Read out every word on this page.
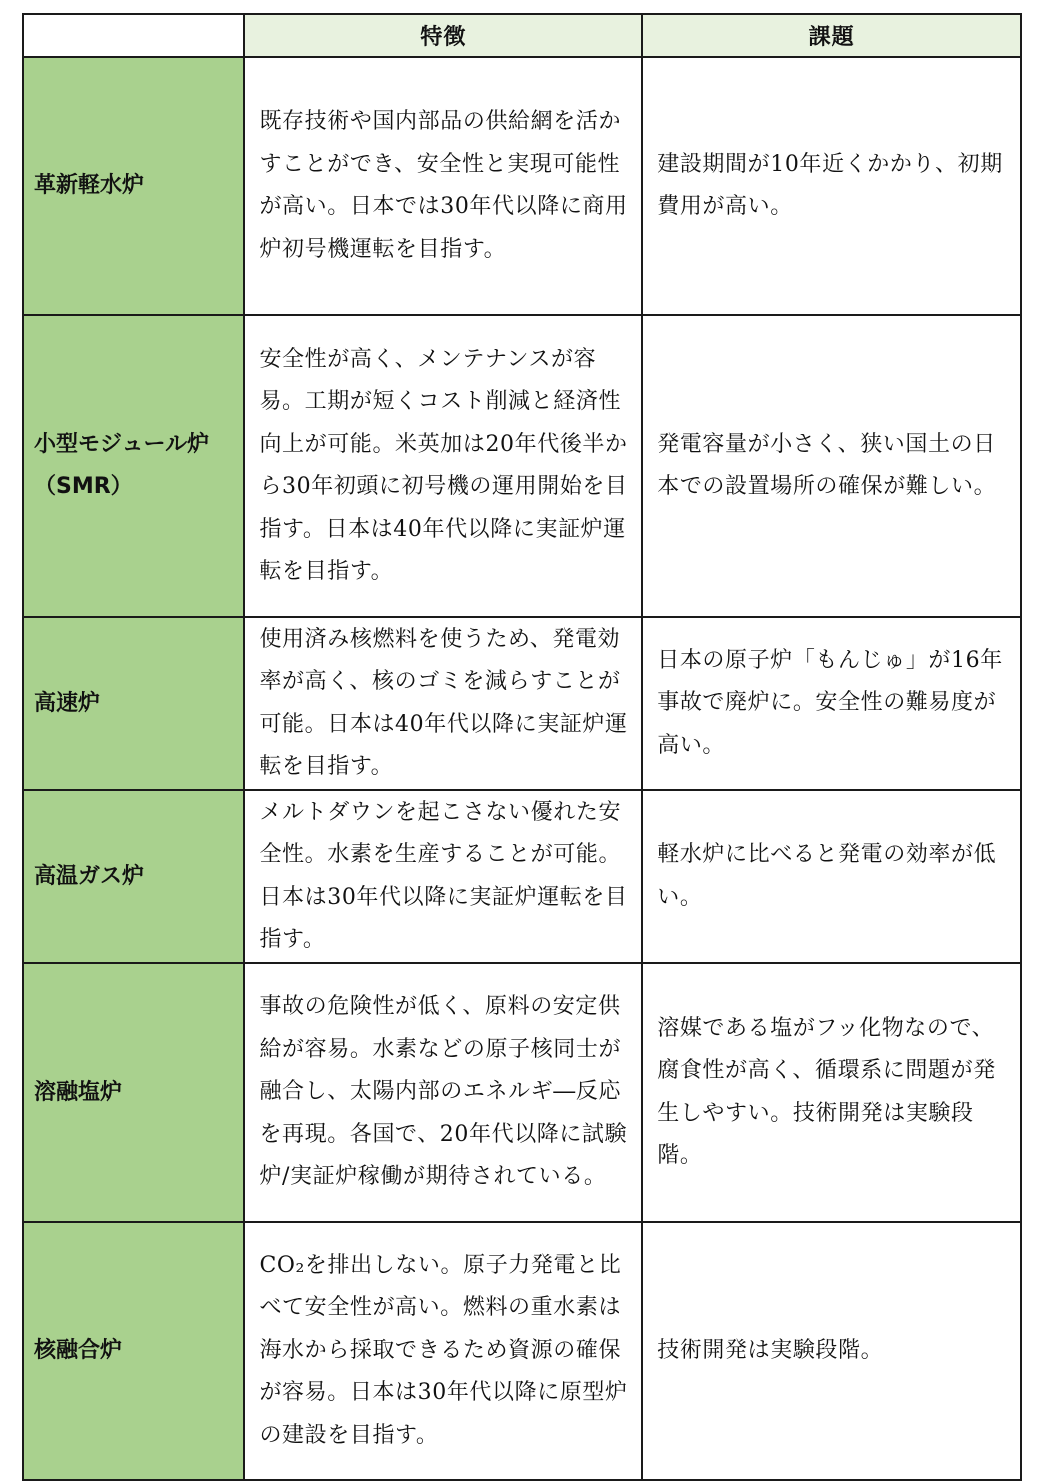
	特徴	課題

革新軽水炉	既存技術や国内部品の供給網を活かすことができ、安全性と実現可能性が高い。日本では30年代以降に商用炉初号機運転を目指す。	建設期間が10年近くかかり、初期費用が高い。

小型モジュール炉（SMR）	安全性が高く、メンテナンスが容易。工期が短くコスト削減と経済性向上が可能。米英加は20年代後半から30年初頭に初号機の運用開始を目指す。日本は40年代以降に実証炉運転を目指す。	発電容量が小さく、狭い国土の日本での設置場所の確保が難しい。

高速炉	使用済み核燃料を使うため、発電効率が高く、核のゴミを減らすことが可能。日本は40年代以降に実証炉運転を目指す。	日本の原子炉「もんじゅ」が16年事故で廃炉に。安全性の難易度が高い。

高温ガス炉	メルトダウンを起こさない優れた安全性。水素を生産することが可能。日本は30年代以降に実証炉運転を目指す。	軽水炉に比べると発電の効率が低い。

溶融塩炉	事故の危険性が低く、原料の安定供給が容易。水素などの原子核同士が融合し、太陽内部のエネルギ―反応を再現。各国で、20年代以降に試験炉/実証炉稼働が期待されている。	溶媒である塩がフッ化物なので、腐食性が高く、循環系に問題が発生しやすい。技術開発は実験段階。

核融合炉	CO₂を排出しない。原子力発電と比べて安全性が高い。燃料の重水素は海水から採取できるため資源の確保が容易。日本は30年代以降に原型炉の建設を目指す。	技術開発は実験段階。
